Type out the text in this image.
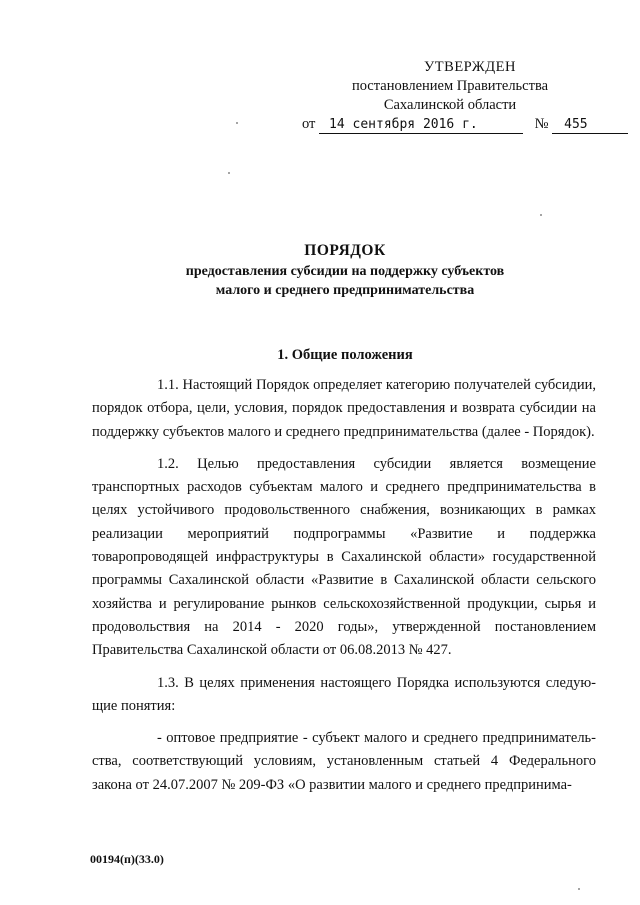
УТВЕРЖДЕН
постановлением Правительства
Сахалинской области
от 14 сентября 2016 г.	№ 455
ПОРЯДОК
предоставления субсидии на поддержку субъектов
малого и среднего предпринимательства
1. Общие положения

1.1. Настоящий Порядок определяет категорию получателей субсидии, порядок отбора, цели, условия, порядок предоставления и возврата субсидии на поддержку субъектов малого и среднего предпринимательства (далее - Порядок).

1.2. Целью предоставления субсидии является возмещение транспортных расходов субъектам малого и среднего предпринимательства в целях устойчивого продовольственного снабжения, возникающих в рамках реализации мероприятий подпрограммы «Развитие и поддержка товаропроводящей инфраструктуры в Сахалинской области» государственной программы Сахалинской области «Развитие в Сахалинской области сельского хозяйства и регулирование рынков сельскохозяйственной продукции, сырья и продовольствия на 2014 - 2020 годы», утвержденной постановлением Правительства Сахалинской области от 06.08.2013 № 427.

1.3. В целях применения настоящего Порядка используются следую-щие понятия:

- оптовое предприятие - субъект малого и среднего предприниматель-ства, соответствующий условиям, установленным статьей 4 Федерального закона от 24.07.2007 № 209-ФЗ «О развитии малого и среднего предпринима-

00194(п)(33.0)
